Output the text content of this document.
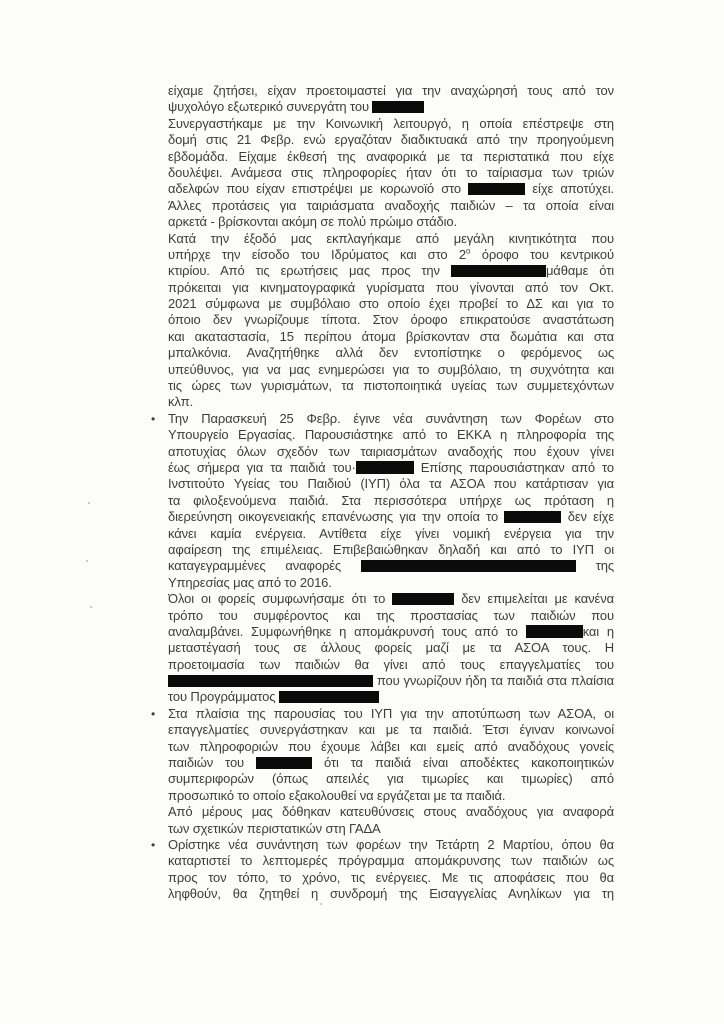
είχαμε ζητήσει, είχαν προετοιμαστεί για την αναχώρησή τους από τον
ψυχολόγο εξωτερικό συνεργάτη του
Συνεργαστήκαμε με την Κοινωνική λειτουργό, η οποία επέστρεψε στη
δομή στις 21 Φεβρ. ενώ εργαζόταν διαδικτυακά από την προηγούμενη
εβδομάδα. Είχαμε έκθεσή της αναφορικά με τα περιστατικά που είχε
δουλέψει. Ανάμεσα στις πληροφορίες ήταν ότι το ταίριασμα των τριών
αδελφών που είχαν επιστρέψει με κορωνοϊό στο	είχε αποτύχει.
Άλλες προτάσεις για ταιριάσματα αναδοχής παιδιών – τα οποία είναι
αρκετά - βρίσκονται ακόμη σε πολύ πρώιμο στάδιο.
Κατά την έξοδό μας εκπλαγήκαμε από μεγάλη κινητικότητα που
υπήρχε την είσοδο του Ιδρύματος και στο $2^o$ όροφο του κεντρικού
κτιρίου. Από τις ερωτήσεις μας προς την	μάθαμε ότι
πρόκειται για κινηματογραφικά γυρίσματα που γίνονται από τον Οκτ.
2021 σύμφωνα με συμβόλαιο στο οποίο έχει προβεί το ΔΣ και για το
όποιο δεν γνωρίζουμε τίποτα. Στον όροφο επικρατούσε αναστάτωση
και ακαταστασία, 15 περίπου άτομα βρίσκονταν στα δωμάτια και στα
μπαλκόνια. Αναζητήθηκε αλλά δεν εντοπίστηκε ο φερόμενος ως
υπεύθυνος, για να μας ενημερώσει για το συμβόλαιο, τη συχνότητα και
τις ώρες των γυρισμάτων, τα πιστοποιητικά υγείας των συμμετεχόντων
κλπ.
• Την Παρασκευή 25 Φεβρ. έγινε νέα συνάντηση των Φορέων στο
Υπουργείο Εργασίας. Παρουσιάστηκε από το ΕΚΚΑ η πληροφορία της
αποτυχίας όλων σχεδόν των ταιριασμάτων αναδοχής που έχουν γίνει
έως σήμερα για τα παιδιά του·	Επίσης παρουσιάστηκαν από το
Ινστιτούτο Υγείας του Παιδιού (ΙΥΠ) όλα τα ΑΣΟΑ που κατάρτισαν για
τα φιλοξενούμενα παιδιά. Στα περισσότερα υπήρχε ως πρόταση η
διερεύνηση οικογενειακής επανένωσης για την οποία το	δεν είχε
κάνει καμία ενέργεια. Αντίθετα είχε γίνει νομική ενέργεια για την
αφαίρεση της επιμέλειας. Επιβεβαιώθηκαν δηλαδή και από το ΙΥΠ οι
καταγεγραμμένες αναφορές	της
Υπηρεσίας μας από το 2016.
Όλοι οι φορείς συμφωνήσαμε ότι το	δεν επιμελείται με κανένα
τρόπο του συμφέροντος και της προστασίας των παιδιών που
αναλαμβάνει. Συμφωνήθηκε η απομάκρυνσή τους από το	και η
μεταστέγασή τους σε άλλους φορείς μαζί με τα ΑΣΟΑ τους. Η
προετοιμασία των παιδιών θα γίνει από τους επαγγελματίες του
που γνωρίζουν ήδη τα παιδιά στα πλαίσια
του Προγράμματος
• Στα πλαίσια της παρουσίας του ΙΥΠ για την αποτύπωση των ΑΣΟΑ, οι
επαγγελματίες συνεργάστηκαν και με τα παιδιά. Έτσι έγιναν κοινωνοί
των πληροφοριών που έχουμε λάβει και εμείς από αναδόχους γονείς
παιδιών του	ότι τα παιδιά είναι αποδέκτες κακοποιητικών
συμπεριφορών (όπως απειλές για τιμωρίες και τιμωρίες) από
προσωπικό το οποίο εξακολουθεί να εργάζεται με τα παιδιά.
Από μέρους μας δόθηκαν κατευθύνσεις στους αναδόχους για αναφορά
των σχετικών περιστατικών στη ΓΑΔΑ
• Ορίστηκε νέα συνάντηση των φορέων την Τετάρτη 2 Μαρτίου, όπου θα
καταρτιστεί το λεπτομερές πρόγραμμα απομάκρυνσης των παιδιών ως
προς τον τόπο, το χρόνο, τις ενέργειες. Με τις αποφάσεις που θα
ληφθούν, θα ζητηθεί η συνδρομή της Εισαγγελίας Ανηλίκων για τη
